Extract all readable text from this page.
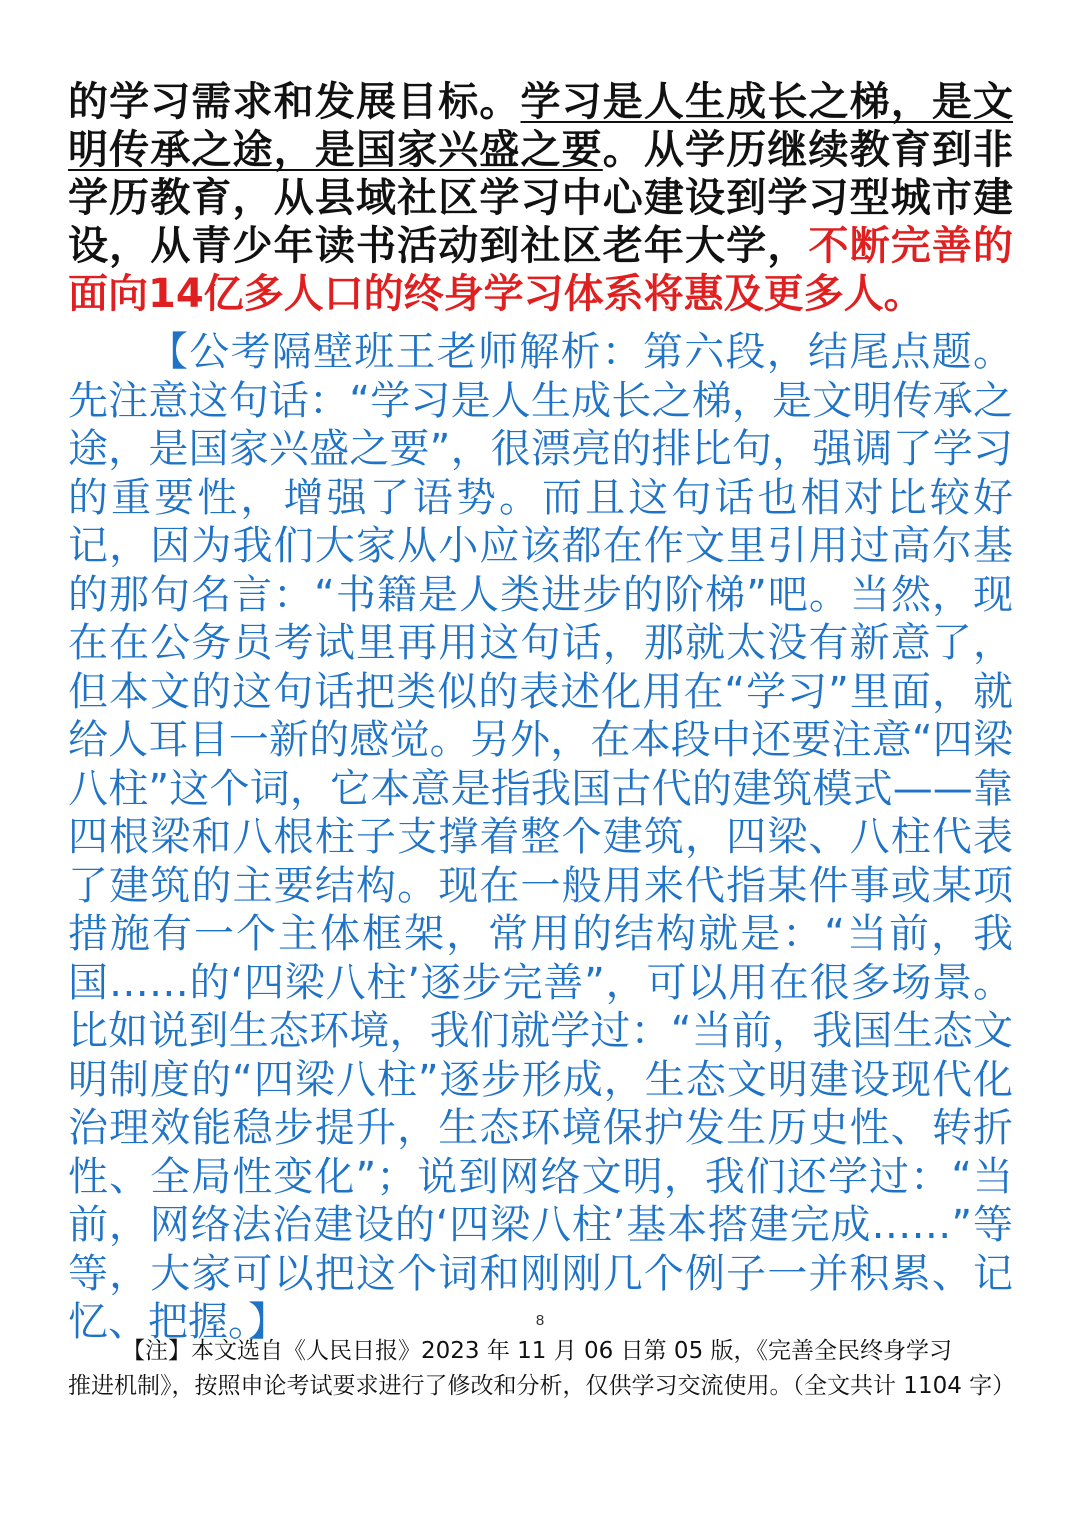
的学习需求和发展目标。学习是人生成长之梯，是文明传承之途，是国家兴盛之要。从学历继续教育到非学历教育，从县域社区学习中心建设到学习型城市建设，从青少年读书活动到社区老年大学，不断完善的面向14亿多人口的终身学习体系将惠及更多人。

【公考隔壁班王老师解析：第六段，结尾点题。先注意这句话：“学习是人生成长之梯，是文明传承之途，是国家兴盛之要”，很漂亮的排比句，强调了学习的重要性，增强了语势。而且这句话也相对比较好记，因为我们大家从小应该都在作文里引用过高尔基的那句名言：“书籍是人类进步的阶梯”吧。当然，现在在公务员考试里再用这句话，那就太没有新意了，但本文的这句话把类似的表述化用在“学习”里面，就给人耳目一新的感觉。另外，在本段中还要注意“四梁八柱”这个词，它本意是指我国古代的建筑模式——靠四根梁和八根柱子支撑着整个建筑，四梁、八柱代表了建筑的主要结构。现在一般用来代指某件事或某项措施有一个主体框架，常用的结构就是：“当前，我国……的‘四梁八柱’逐步完善”，可以用在很多场景。比如说到生态环境，我们就学过：“当前，我国生态文明制度的“四梁八柱”逐步形成，生态文明建设现代化治理效能稳步提升，生态环境保护发生历史性、转折性、全局性变化”；说到网络文明，我们还学过：“当前，网络法治建设的‘四梁八柱’基本搭建完成……”等等，大家可以把这个词和刚刚几个例子一并积累、记忆、把握。】	8
【注】本文选自《人民日报》2023 年 11 月 06 日第 05 版，《完善全民终身学习
推进机制》，按照申论考试要求进行了修改和分析，仅供学习交流使用。（全文共计 1104 字）
